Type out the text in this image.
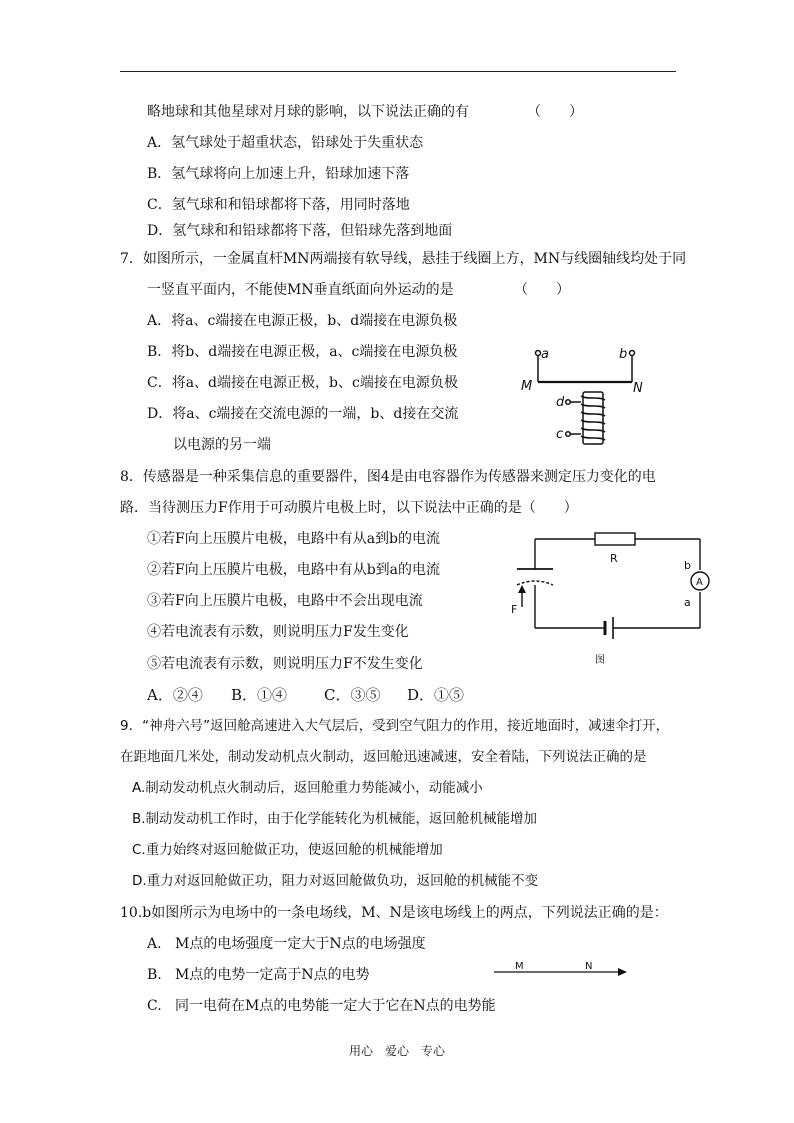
略地球和其他星球对月球的影响，以下说法正确的有	（　　）
A．氢气球处于超重状态，铅球处于失重状态
B．氢气球将向上加速上升，铅球加速下落
C．氢气球和和铅球都将下落，用同时落地
D．氢气球和和铅球都将下落，但铅球先落到地面
7．如图所示，一金属直杆MN两端接有软导线，悬挂于线圈上方，MN与线圈轴线均处于同
一竖直平面内，不能使MN垂直纸面向外运动的是	（　　）
A．将a、c端接在电源正极，b、d端接在电源负极
B．将b、d端接在电源正极，a、c端接在电源负极
C．将a、d端接在电源正极，b、c端接在电源负极
D．将a、c端接在交流电源的一端，b、d接在交流
以电源的另一端
a	b
M	N
d
c
8．传感器是一种采集信息的重要器件，图4是由电容器作为传感器来测定压力变化的电
路．当待测压力F作用于可动膜片电极上时，以下说法中正确的是（　　）
①若F向上压膜片电极，电路中有从a到b的电流
②若F向上压膜片电极，电路中有从b到a的电流
③若F向上压膜片电极，电路中不会出现电流
④若电流表有示数，则说明压力F发生变化
⑤若电流表有示数，则说明压力F不发生变化
A．②④ B．①④ C．③⑤ D．①⑤
R
b
A
a
F
图
9．“神舟六号”返回舱高速进入大气层后，受到空气阻力的作用，接近地面时，减速伞打开，
在距地面几米处，制动发动机点火制动，返回舱迅速减速，安全着陆，下列说法正确的是
A.制动发动机点火制动后，返回舱重力势能减小，动能减小
B.制动发动机工作时，由于化学能转化为机械能，返回舱机械能增加
C.重力始终对返回舱做正功，使返回舱的机械能增加
D.重力对返回舱做正功，阻力对返回舱做负功，返回舱的机械能不变
10.b如图所示为电场中的一条电场线，M、N是该电场线上的两点，下列说法正确的是：
A. M点的电场强度一定大于N点的电场强度
B. M点的电势一定高于N点的电势
C. 同一电荷在M点的电势能一定大于它在N点的电势能
M	N
用心　爱心　专心
